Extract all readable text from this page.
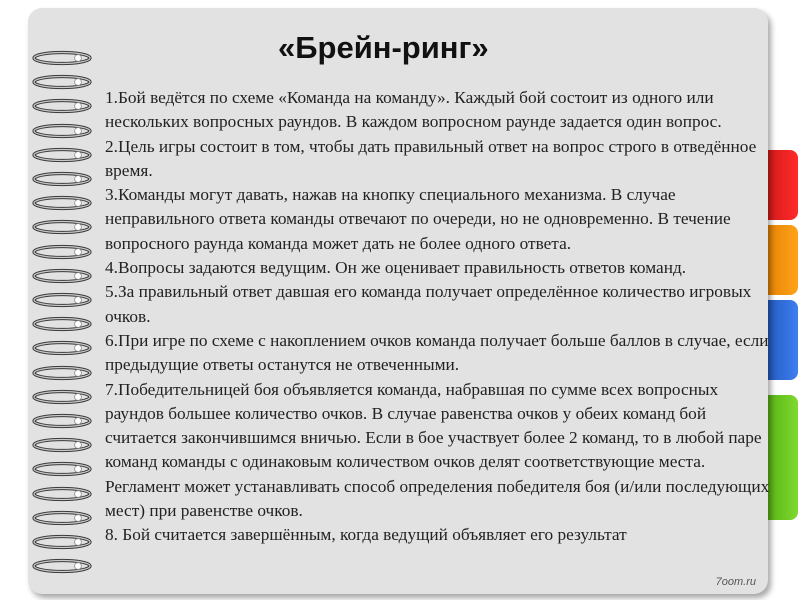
«Брейн-ринг»

1.Бой ведётся по схеме «Команда на команду». Каждый бой состоит из одного или нескольких вопросных раундов. В каждом вопросном раунде задается один вопрос.

2.Цель игры состоит в том, чтобы дать правильный ответ на вопрос строго в отведённое время.

3.Команды могут давать, нажав на кнопку специального механизма. В случае неправильного ответа команды отвечают по очереди, но не одновременно. В течение вопросного раунда команда может дать не более одного ответа.

4.Вопросы задаются ведущим. Он же оценивает правильность ответов команд.

5.За правильный ответ давшая его команда получает определённое количество игровых очков.

6.При игре по схеме с накоплением очков команда получает больше баллов в случае, если предыдущие ответы останутся не отвеченными.

7.Победительницей боя объявляется команда, набравшая по сумме всех вопросных раундов большее количество очков. В случае равенства очков у обеих команд бой считается закончившимся вничью. Если в бое участвует более 2 команд, то в любой паре команд команды с одинаковым количеством очков делят соответствующие места. Регламент может устанавливать способ определения победителя боя (и/или последующих мест) при равенстве очков.

8. Бой считается завершённым, когда ведущий объявляет его результат

7oom.ru
